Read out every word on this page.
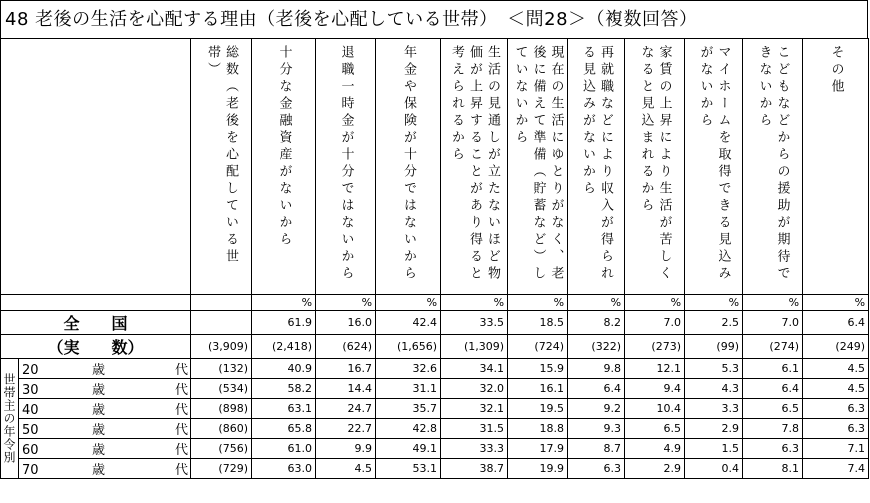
48 老後の生活を心配する理由（老後を心配している世帯）　＜問28＞（複数回答）

			総数（老後を心配している世帯）	十分な金融資産がないから	退職一時金が十分ではないから	年金や保険が十分ではないから	生活の見通しが立たないほど物価が上昇することがあり得ると考えられるから	現在の生活にゆとりがなく、老後に備えて準備（貯蓄など）していないから	再就職などにより収入が得られる見込みがないから	家賃の上昇により生活が苦しくなると見込まれるから	マイホームを取得できる見込みがないから	こどもなどからの援助が期待できないから	その他

				%	%	%	%	%	%	%	%	%	%
全　　国				61.9	16.0	42.4	33.5	18.5	8.2	7.0	2.5	7.0	6.4
（実　　数）			(3,909)	(2,418)	(624)	(1,656)	(1,309)	(724)	(322)	(273)	(99)	(274)	(249)

世帯主の年令別	20 歳	代	(132)	40.9	16.7	32.6	34.1	15.9	9.8	12.1	5.3	6.1	4.5
	30 歳	代	(534)	58.2	14.4	31.1	32.0	16.1	6.4	9.4	4.3	6.4	4.5
	40 歳	代	(898)	63.1	24.7	35.7	32.1	19.5	9.2	10.4	3.3	6.5	6.3
	50 歳	代	(860)	65.8	22.7	42.8	31.5	18.8	9.3	6.5	2.9	7.8	6.3
	60 歳	代	(756)	61.0	9.9	49.1	33.3	17.9	8.7	4.9	1.5	6.3	7.1
	70 歳	代	(729)	63.0	4.5	53.1	38.7	19.9	6.3	2.9	0.4	8.1	7.4
